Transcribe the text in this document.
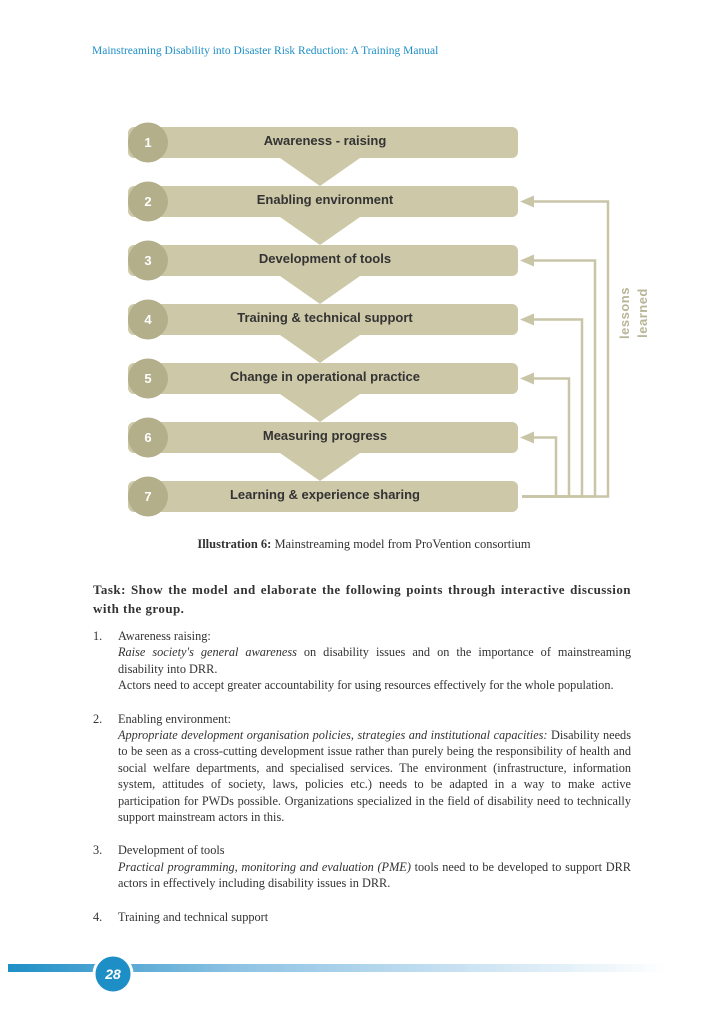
Mainstreaming Disability into Disaster Risk Reduction: A Training Manual
1	Awareness - raising
2	Enabling environment
3	Development of tools
4	Training & technical support
5	Change in operational practice
6	Measuring progress
7	Learning & experience sharing
lessons learned
Illustration 6: Mainstreaming model from ProVention consortium
Task: Show the model and elaborate the following points through interactive discussion with the group.
1. Awareness raising:

Raise society's general awareness on disability issues and on the importance of mainstreaming disability into DRR.

Actors need to accept greater accountability for using resources effectively for the whole population.

2. Enabling environment:

Appropriate development organisation policies, strategies and institutional capacities: Disability needs to be seen as a cross-cutting development issue rather than purely being the responsibility of health and social welfare departments, and specialised services. The environment (infrastructure, information system, attitudes of society, laws, policies etc.) needs to be adapted in a way to make active participation for PWDs possible. Organizations specialized in the field of disability need to technically support mainstream actors in this.

3. Development of tools

Practical programming, monitoring and evaluation (PME) tools need to be developed to support DRR actors in effectively including disability issues in DRR.

4. Training and technical support

28
